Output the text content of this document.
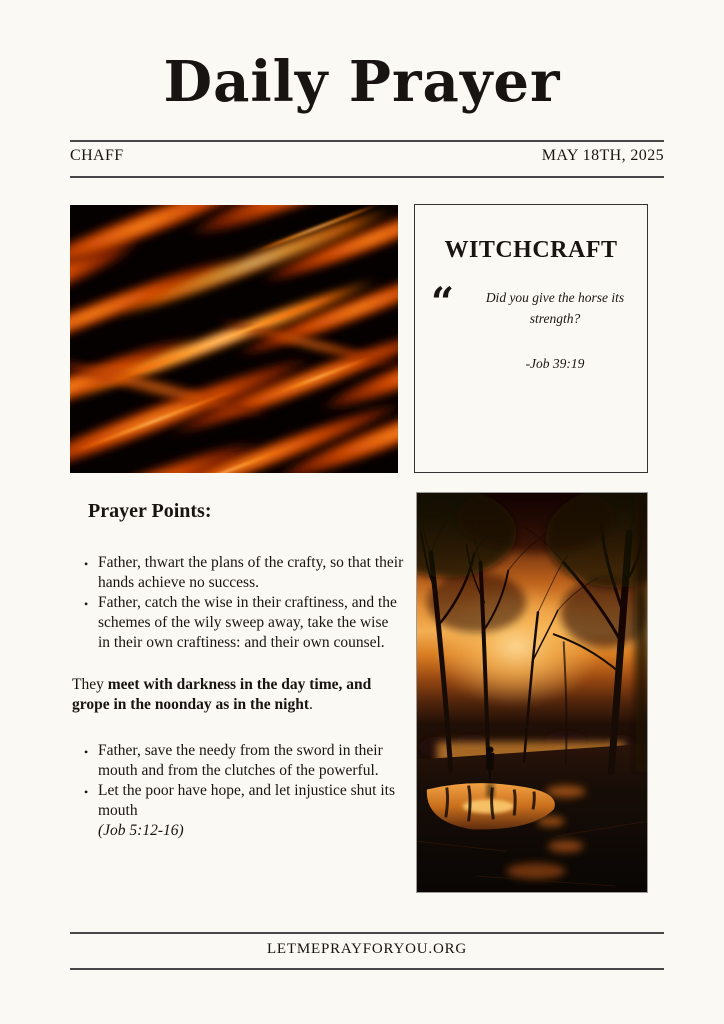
Daily Prayer
CHAFF	MAY 18TH, 2025
WITCHCRAFT
“	Did you give the horse its strength?

-Job 39:19

Prayer Points:
• Father, thwart the plans of the crafty, so that their hands achieve no success.
• Father, catch the wise in their craftiness, and the schemes of the wily sweep away, take the wise in their own craftiness: and their own counsel.

They meet with darkness in the day time, and grope in the noonday as in the night.

• Father, save the needy from the sword in their mouth and from the clutches of the powerful.
• Let the poor have hope, and let injustice shut its mouth
(Job 5:12-16)
LETMEPRAYFORYOU.ORG
